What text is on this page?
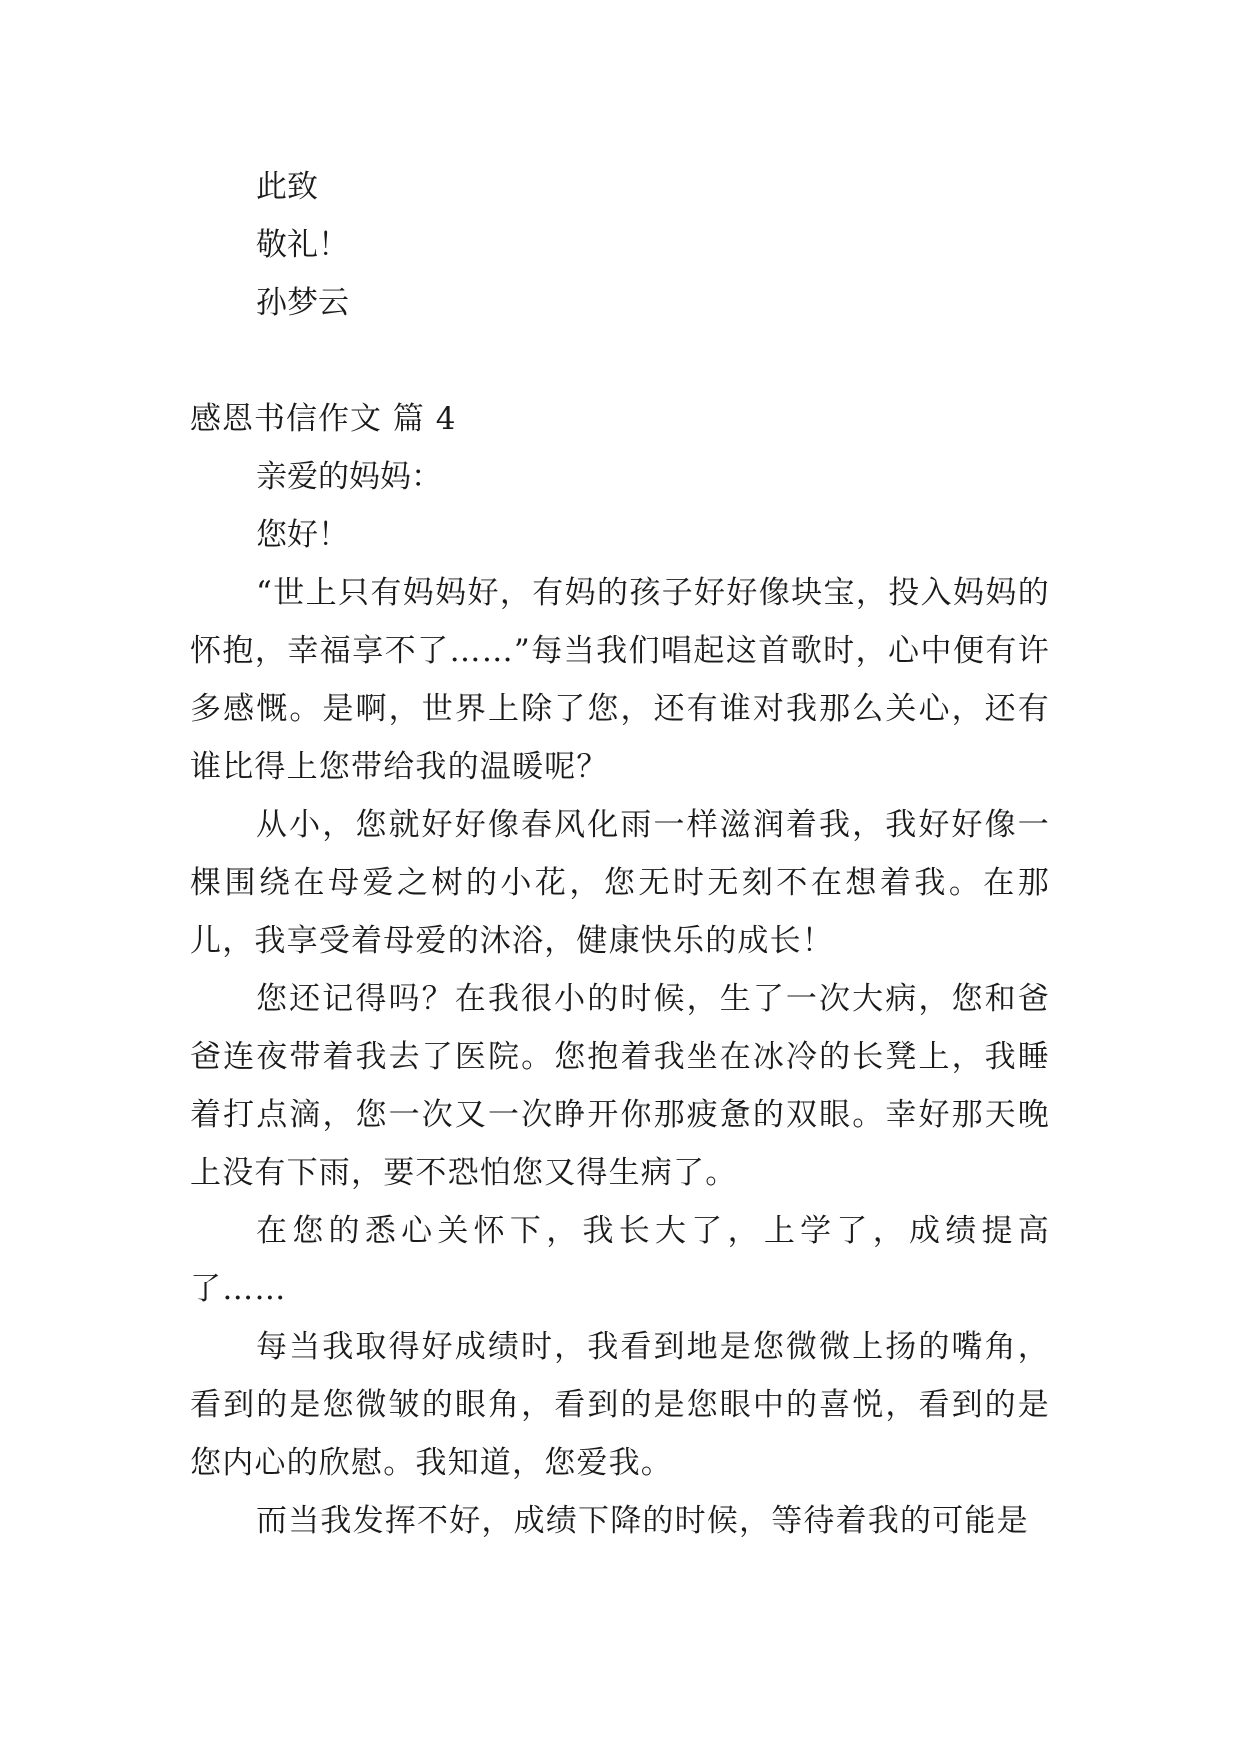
此致

敬礼！

孙梦云

感恩书信作文 篇 4

亲爱的妈妈：

您好！

“世上只有妈妈好，有妈的孩子好好像块宝，投入妈妈的怀抱，幸福享不了……”每当我们唱起这首歌时，心中便有许多感慨。是啊，世界上除了您，还有谁对我那么关心，还有谁比得上您带给我的温暖呢？

从小，您就好好像春风化雨一样滋润着我，我好好像一棵围绕在母爱之树的小花，您无时无刻不在想着我。在那儿，我享受着母爱的沐浴，健康快乐的成长！

您还记得吗？在我很小的时候，生了一次大病，您和爸爸连夜带着我去了医院。您抱着我坐在冰冷的长凳上，我睡着打点滴，您一次又一次睁开你那疲惫的双眼。幸好那天晚上没有下雨，要不恐怕您又得生病了。

在您的悉心关怀下，我长大了，上学了，成绩提高了……

每当我取得好成绩时，我看到地是您微微上扬的嘴角，看到的是您微皱的眼角，看到的是您眼中的喜悦，看到的是您内心的欣慰。我知道，您爱我。

而当我发挥不好，成绩下降的时候，等待着我的可能是
